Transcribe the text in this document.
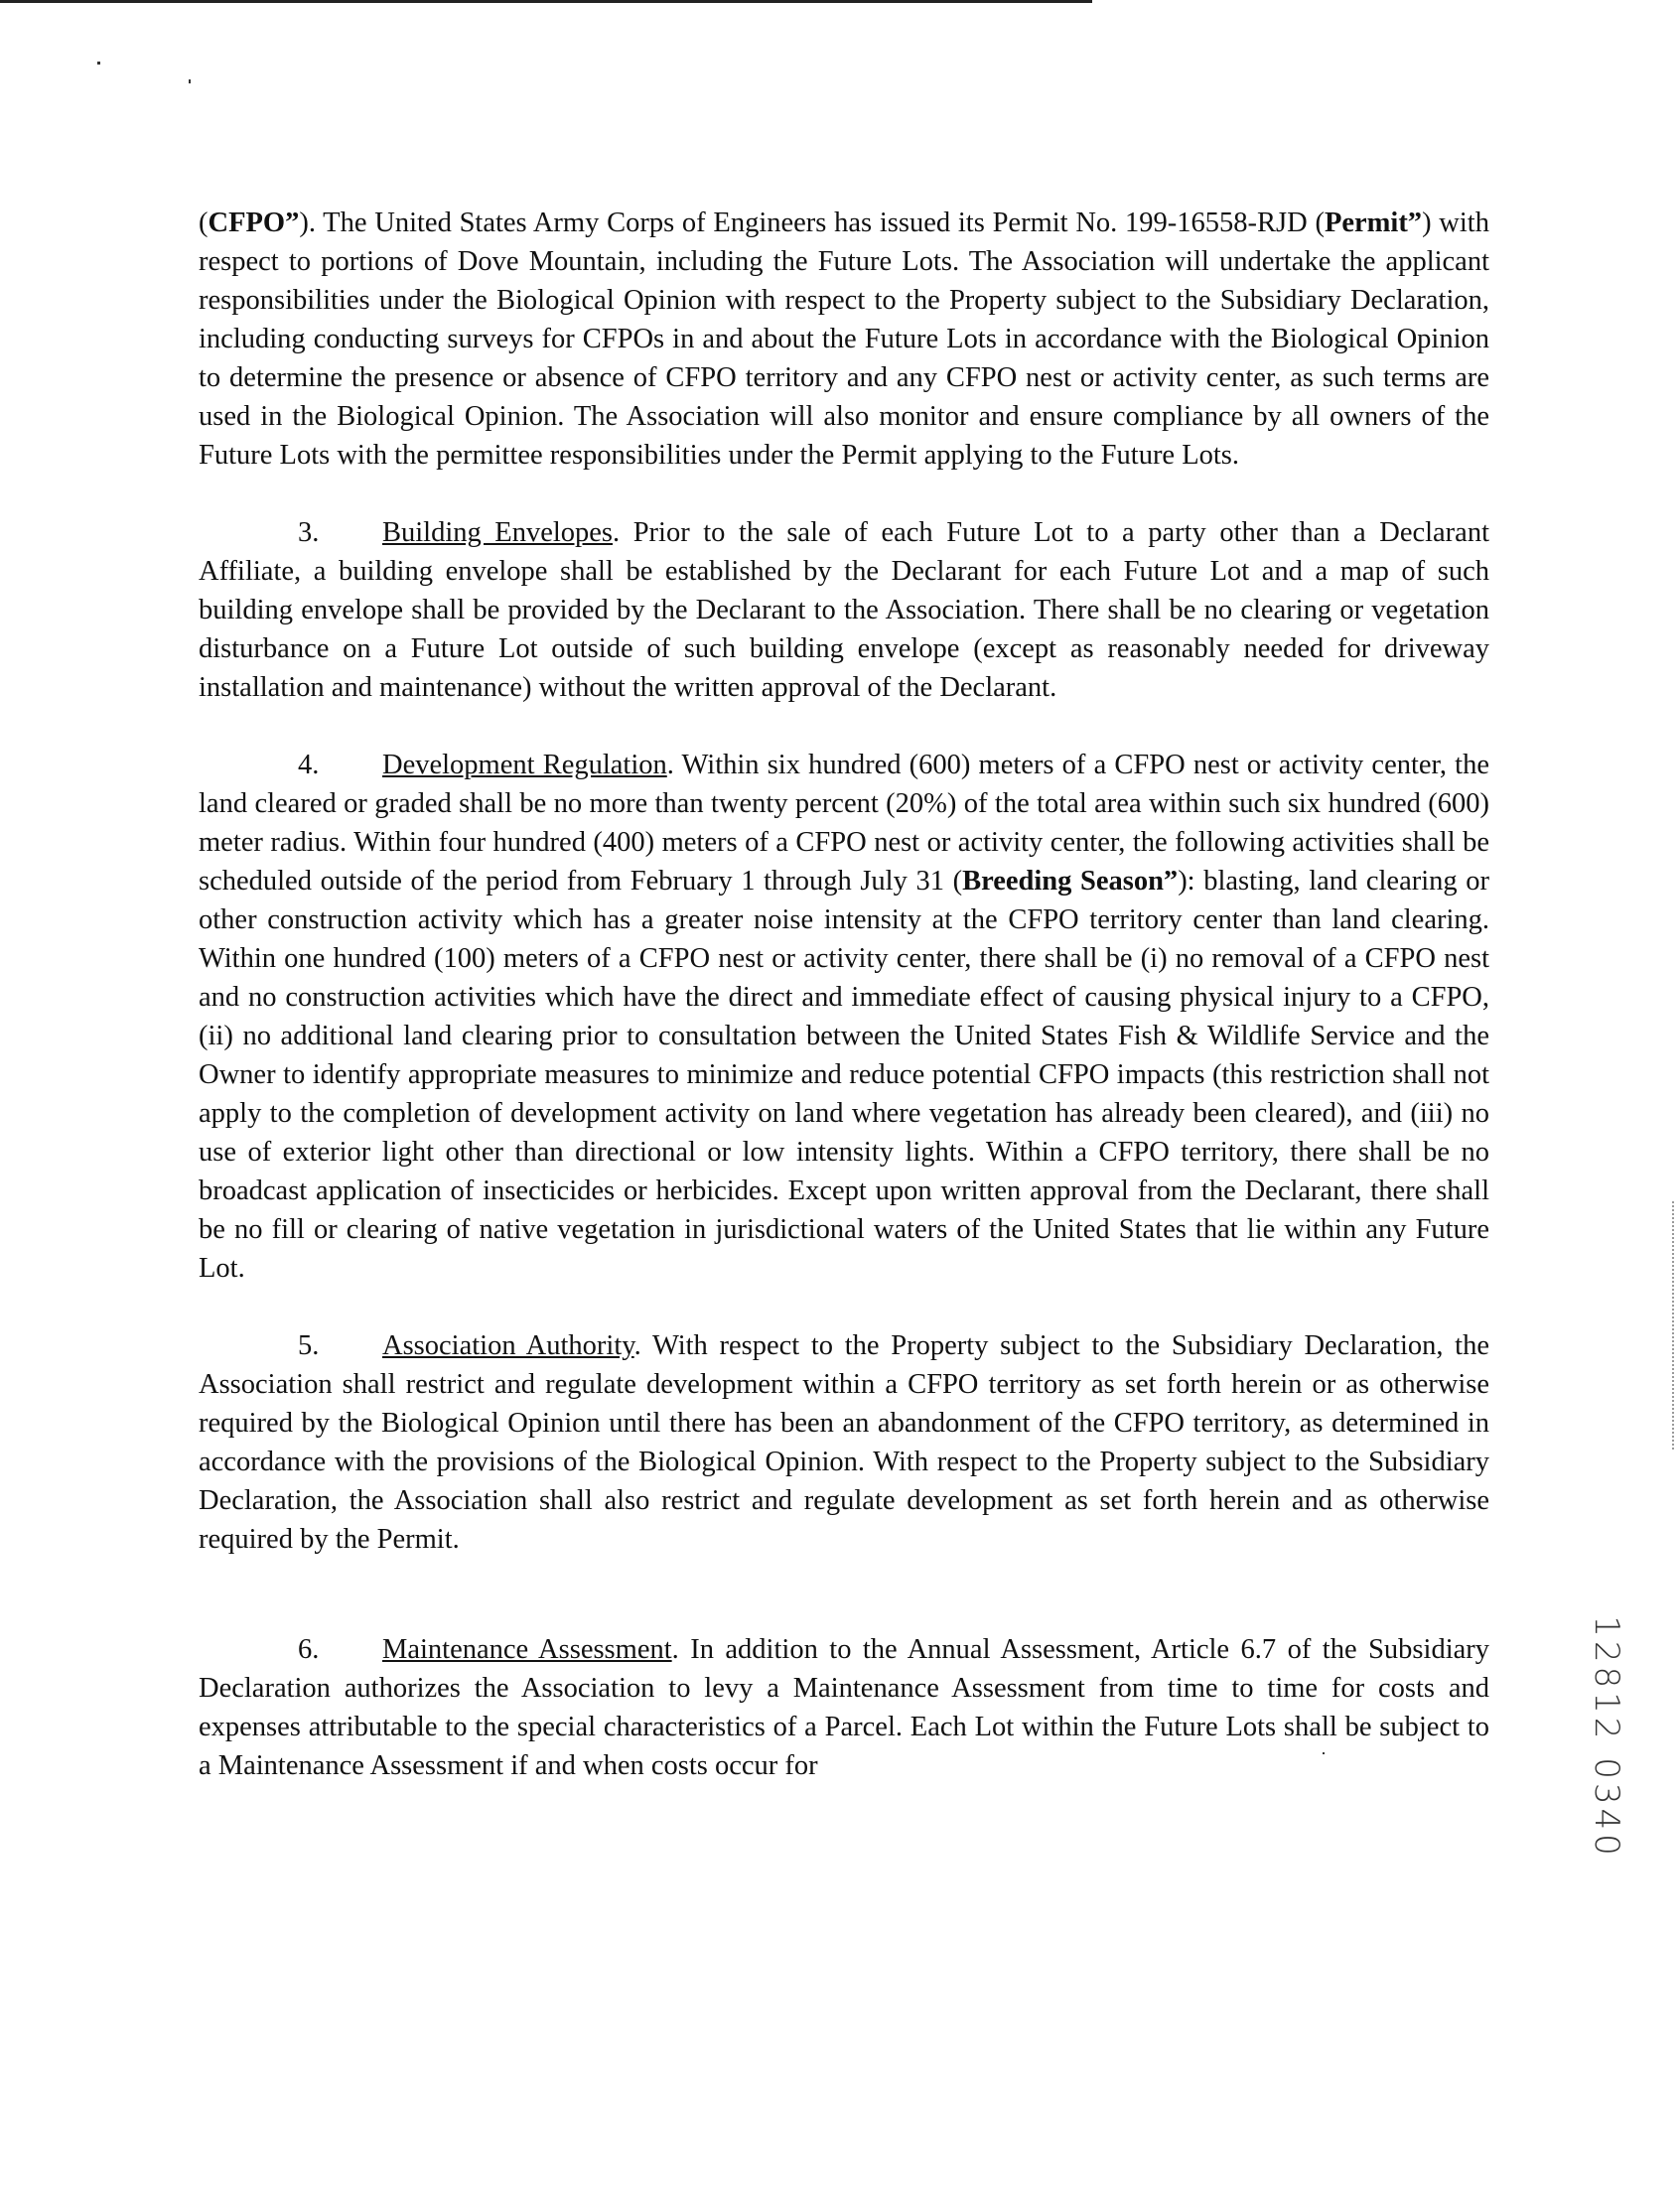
(CFPO”). The United States Army Corps of Engineers has issued its Permit No. 199-16558-RJD (Permit”) with respect to portions of Dove Mountain, including the Future Lots. The Association will undertake the applicant responsibilities under the Biological Opinion with respect to the Property subject to the Subsidiary Declaration, including conducting surveys for CFPOs in and about the Future Lots in accordance with the Biological Opinion to determine the presence or absence of CFPO territory and any CFPO nest or activity center, as such terms are used in the Biological Opinion. The Association will also monitor and ensure compliance by all owners of the Future Lots with the permittee responsibilities under the Permit applying to the Future Lots.

3. Building Envelopes. Prior to the sale of each Future Lot to a party other than a Declarant Affiliate, a building envelope shall be established by the Declarant for each Future Lot and a map of such building envelope shall be provided by the Declarant to the Association. There shall be no clearing or vegetation disturbance on a Future Lot outside of such building envelope (except as reasonably needed for driveway installation and maintenance) without the written approval of the Declarant.

4. Development Regulation. Within six hundred (600) meters of a CFPO nest or activity center, the land cleared or graded shall be no more than twenty percent (20%) of the total area within such six hundred (600) meter radius. Within four hundred (400) meters of a CFPO nest or activity center, the following activities shall be scheduled outside of the period from February 1 through July 31 (Breeding Season”): blasting, land clearing or other construction activity which has a greater noise intensity at the CFPO territory center than land clearing. Within one hundred (100) meters of a CFPO nest or activity center, there shall be (i) no removal of a CFPO nest and no construction activities which have the direct and immediate effect of causing physical injury to a CFPO, (ii) no additional land clearing prior to consultation between the United States Fish & Wildlife Service and the Owner to identify appropriate measures to minimize and reduce potential CFPO impacts (this restriction shall not apply to the completion of development activity on land where vegetation has already been cleared), and (iii) no use of exterior light other than directional or low intensity lights. Within a CFPO territory, there shall be no broadcast application of insecticides or herbicides. Except upon written approval from the Declarant, there shall be no fill or clearing of native vegetation in jurisdictional waters of the United States that lie within any Future Lot.

5. Association Authority. With respect to the Property subject to the Subsidiary Declaration, the Association shall restrict and regulate development within a CFPO territory as set forth herein or as otherwise required by the Biological Opinion until there has been an abandonment of the CFPO territory, as determined in accordance with the provisions of the Biological Opinion. With respect to the Property subject to the Subsidiary Declaration, the Association shall also restrict and regulate development as set forth herein and as otherwise required by the Permit.

6. Maintenance Assessment. In addition to the Annual Assessment, Article 6.7 of the Subsidiary Declaration authorizes the Association to levy a Maintenance Assessment from time to time for costs and expenses attributable to the special characteristics of a Parcel. Each Lot within the Future Lots shall be subject to a Maintenance Assessment if and when costs occur for	12812 0340
